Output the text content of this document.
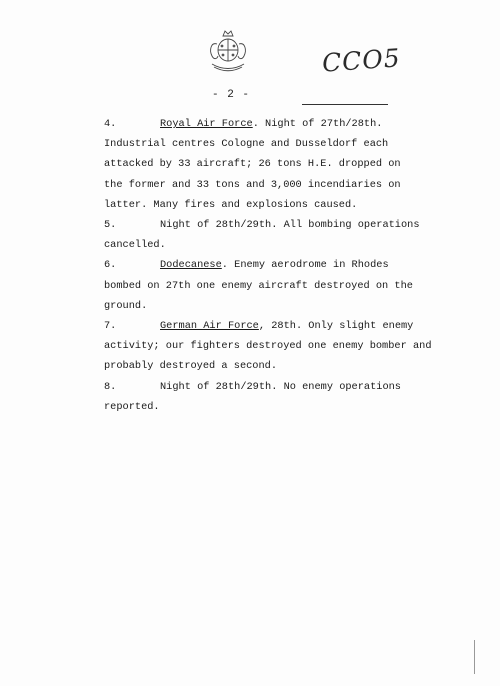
CCO5
- 2 -

4.	Royal Air Force. Night of 27th/28th.
Industrial centres Cologne and Dusseldorf each
attacked by 33 aircraft; 26 tons H.E. dropped on
the former and 33 tons and 3,000 incendiaries on
latter. Many fires and explosions caused.

5.	Night of 28th/29th. All bombing operations
cancelled.

6.	Dodecanese. Enemy aerodrome in Rhodes
bombed on 27th one enemy aircraft destroyed on the
ground.

7.	German Air Force, 28th. Only slight enemy
activity; our fighters destroyed one enemy bomber and
probably destroyed a second.

8.	Night of 28th/29th. No enemy operations
reported.
